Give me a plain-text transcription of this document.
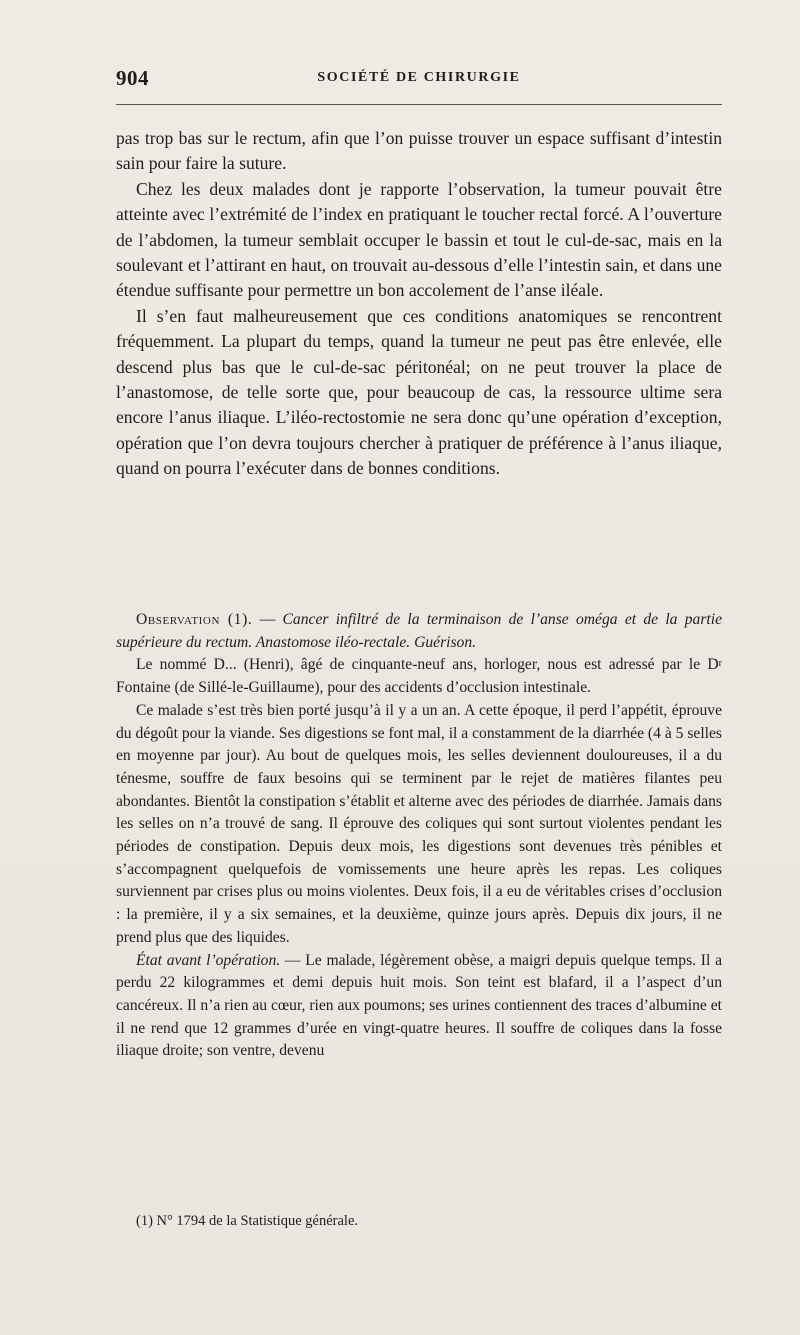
904	SOCIÉTÉ DE CHIRURGIE

pas trop bas sur le rectum, afin que l’on puisse trouver un espace suffisant d’intestin sain pour faire la suture.

Chez les deux malades dont je rapporte l’observation, la tumeur pouvait être atteinte avec l’extrémité de l’index en pratiquant le toucher rectal forcé. A l’ouverture de l’abdomen, la tumeur semblait occuper le bassin et tout le cul-de-sac, mais en la soulevant et l’attirant en haut, on trouvait au-dessous d’elle l’intestin sain, et dans une étendue suffisante pour permettre un bon accolement de l’anse iléale.

Il s’en faut malheureusement que ces conditions anatomiques se rencontrent fréquemment. La plupart du temps, quand la tumeur ne peut pas être enlevée, elle descend plus bas que le cul-de-sac péritonéal; on ne peut trouver la place de l’anastomose, de telle sorte que, pour beaucoup de cas, la ressource ultime sera encore l’anus iliaque. L’iléo-rectostomie ne sera donc qu’une opération d’exception, opération que l’on devra toujours chercher à pratiquer de préférence à l’anus iliaque, quand on pourra l’exécuter dans de bonnes conditions.

Observation (1). — Cancer infiltré de la terminaison de l’anse oméga et de la partie supérieure du rectum. Anastomose iléo-rectale. Guérison.

Le nommé D... (Henri), âgé de cinquante-neuf ans, horloger, nous est adressé par le $D^r$ Fontaine (de Sillé-le-Guillaume), pour des accidents d’occlusion intestinale.

Ce malade s’est très bien porté jusqu’à il y a un an. A cette époque, il perd l’appétit, éprouve du dégoût pour la viande. Ses digestions se font mal, il a constamment de la diarrhée (4 à 5 selles en moyenne par jour). Au bout de quelques mois, les selles deviennent douloureuses, il a du ténesme, souffre de faux besoins qui se terminent par le rejet de matières filantes peu abondantes. Bientôt la constipation s’établit et alterne avec des périodes de diarrhée. Jamais dans les selles on n’a trouvé de sang. Il éprouve des coliques qui sont surtout violentes pendant les périodes de constipation. Depuis deux mois, les digestions sont devenues très pénibles et s’accompagnent quelquefois de vomissements une heure après les repas. Les coliques surviennent par crises plus ou moins violentes. Deux fois, il a eu de véritables crises d’occlusion : la première, il y a six semaines, et la deuxième, quinze jours après. Depuis dix jours, il ne prend plus que des liquides.

État avant l’opération. — Le malade, légèrement obèse, a maigri depuis quelque temps. Il a perdu 22 kilogrammes et demi depuis huit mois. Son teint est blafard, il a l’aspect d’un cancéreux. Il n’a rien au cœur, rien aux poumons; ses urines contiennent des traces d’albumine et il ne rend que 12 grammes d’urée en vingt-quatre heures. Il souffre de coliques dans la fosse iliaque droite; son ventre, devenu

(1) N° 1794 de la Statistique générale.
